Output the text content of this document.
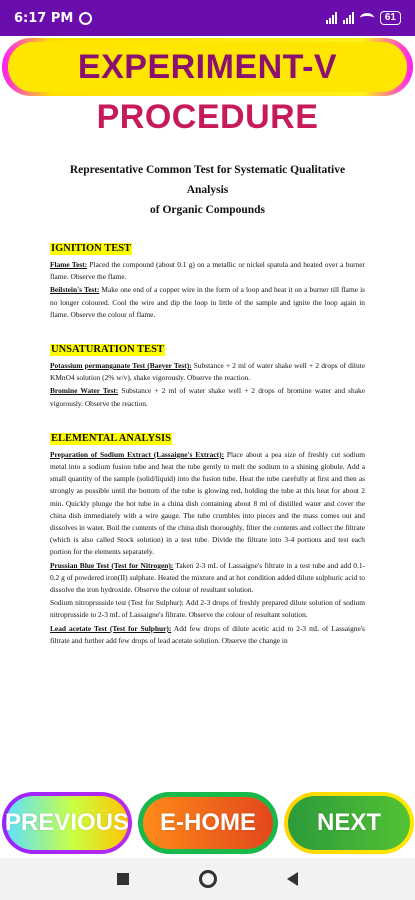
6:17 PM	61
EXPERIMENT-V
PROCEDURE
Representative Common Test for Systematic Qualitative Analysis
of Organic Compounds
IGNITION TEST

Flame Test: Placed the compound (about 0.1 g) on a metallic or nickel spatula and heated over a burner flame. Observe the flame.

Beilstein's Test: Make one end of a copper wire in the form of a loop and heat it on a burner till flame is no longer coloured. Cool the wire and dip the loop in little of the sample and ignite the loop again in flame. Observe the colour of flame.

UNSATURATION TEST

Potassium permanganate Test (Baeyer Test): Substance + 2 ml of water shake well + 2 drops of dilute KMnO4 solution (2% w/v), shake vigorously. Observe the reaction.

Bromine Water Test: Substance + 2 ml of water shake well + 2 drops of bromine water and shake vigorously. Observe the reaction.

ELEMENTAL ANALYSIS

Preparation of Sodium Extract (Lassaigne's Extract): Place about a pea size of freshly cut sodium metal into a sodium fusion tube and heat the tube gently to melt the sodium to a shining globule. Add a small quantity of the sample (solid/liquid) into the fusion tube. Heat the tube carefully at first and then as strongly as possible until the bottom of the tube is glowing red, holding the tube at this heat for about 2 min. Quickly plunge the hot tube in a china dish containing about 8 ml of distilled water and cover the china dish immediately with a wire gauge. The tube crumbles into pieces and the mass comes out and dissolves in water. Boil the contents of the china dish thoroughly, filter the contents and collect the filtrate (which is also called Stock solution) in a test tube. Divide the filtrate into 3-4 portions and test each portion for the elements separately.

Prussian Blue Test (Test for Nitrogen): Taken 2-3 mL of Lassaigne's filtrate in a test tube and add 0.1-0.2 g of powdered iron(II) sulphate. Heated the mixture and at hot condition added dilute sulphuric acid to dissolve the iron hydroxide. Observe the colour of resultant solution.

Sodium nitroprusside test (Test for Sulphur): Add 2-3 drops of freshly prepared dilute solution of sodium nitroprusside to 2-3 mL of Lassaigne's filtrate. Observe the colour of resultant solution.

Lead acetate Test (Test for Sulphur): Add few drops of dilute acetic acid to 2-3 mL of Lassaigne's filtrate and further add few drops of lead acetate solution. Observe the change in

PREVIOUS E-HOME	NEXT
